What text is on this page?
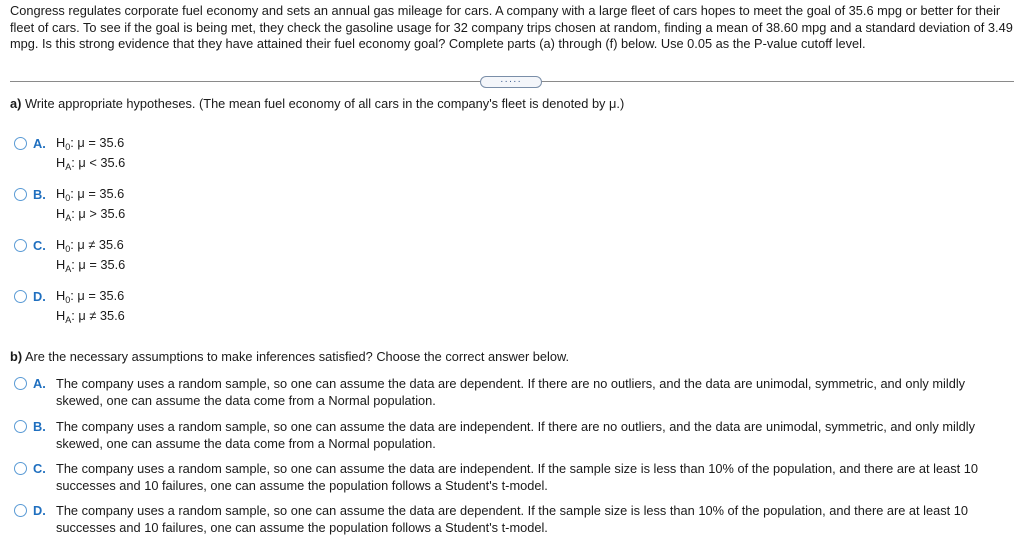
Congress regulates corporate fuel economy and sets an annual gas mileage for cars. A company with a large fleet of cars hopes to meet the goal of 35.6 mpg or better for their fleet of cars. To see if the goal is being met, they check the gasoline usage for 32 company trips chosen at random, finding a mean of 38.60 mpg and a standard deviation of 3.49 mpg. Is this strong evidence that they have attained their fuel economy goal? Complete parts (a) through (f) below. Use 0.05 as the P-value cutoff level.
·····
a) Write appropriate hypotheses. (The mean fuel economy of all cars in the company's fleet is denoted by μ.)
A. $H_0$: μ = 35.6
$H_A$: μ < 35.6
B. $H_0$: μ = 35.6
$H_A$: μ > 35.6
C. $H_0$: μ ≠ 35.6
$H_A$: μ = 35.6
D. $H_0$: μ = 35.6
$H_A$: μ ≠ 35.6
b) Are the necessary assumptions to make inferences satisfied? Choose the correct answer below.
A. The company uses a random sample, so one can assume the data are dependent. If there are no outliers, and the data are unimodal, symmetric, and only mildly skewed, one can assume the data come from a Normal population.
B. The company uses a random sample, so one can assume the data are independent. If there are no outliers, and the data are unimodal, symmetric, and only mildly skewed, one can assume the data come from a Normal population.
C. The company uses a random sample, so one can assume the data are independent. If the sample size is less than 10% of the population, and there are at least 10 successes and 10 failures, one can assume the population follows a Student's t-model.
D. The company uses a random sample, so one can assume the data are dependent. If the sample size is less than 10% of the population, and there are at least 10 successes and 10 failures, one can assume the population follows a Student's t-model.
